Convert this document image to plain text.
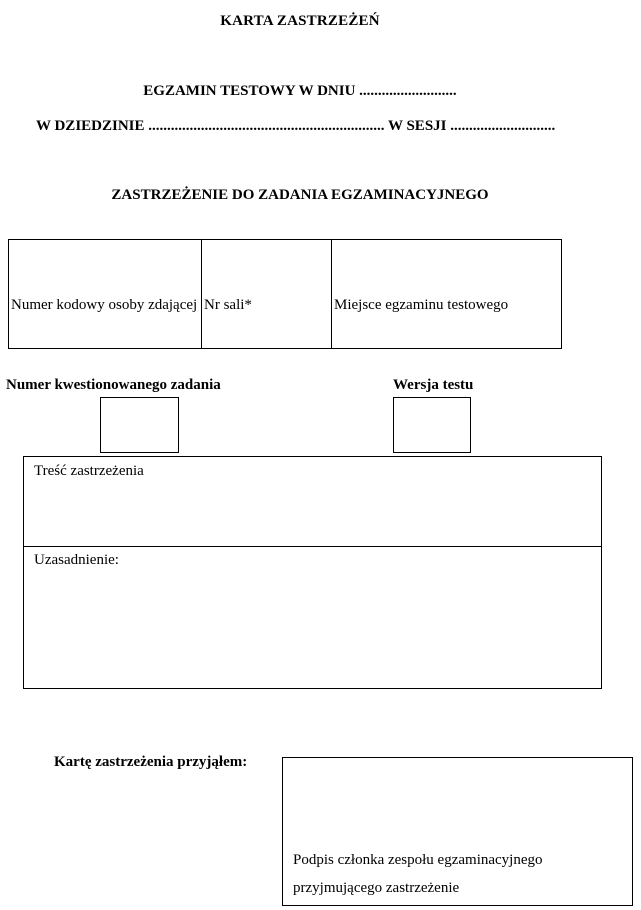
KARTA ZASTRZEŻEŃ
EGZAMIN TESTOWY W DNIU ..........................
W DZIEDZINIE ............................................................... W SESJI ............................
ZASTRZEŻENIE DO ZADANIA EGZAMINACYJNEGO
Numer kodowy osoby zdającej Nr sali*	Miejsce egzaminu testowego
Numer kwestionowanego zadania	Wersja testu
Treść zastrzeżenia
Uzasadnienie:
Kartę zastrzeżenia przyjąłem:
Podpis członka zespołu egzaminacyjnego
przyjmującego zastrzeżenie
